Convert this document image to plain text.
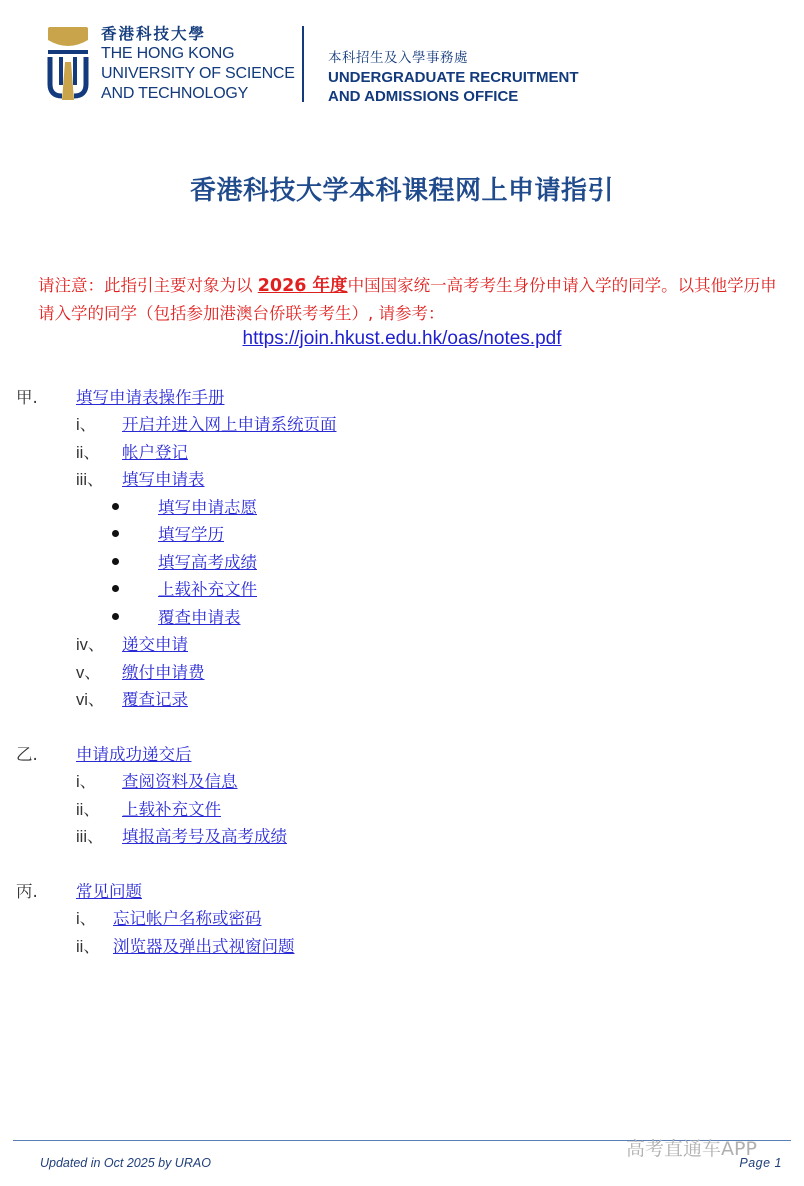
香港科技大學
THE HONG KONG
UNIVERSITY OF SCIENCE
AND TECHNOLOGY
本科招生及入學事務處
UNDERGRADUATE RECRUITMENT
AND ADMISSIONS OFFICE
香港科技大学本科课程网上申请指引
请注意：此指引主要对象为以 2026 年度中国国家统一高考考生身份申请入学的同学。以其他学历申请入学的同学（包括参加港澳台侨联考考生）, 请参考：
https://join.hkust.edu.hk/oas/notes.pdf
甲. 填写申请表操作手册
i、 开启并进入网上申请系统页面
ii、 帐户登记
iii、 填写申请表
填写申请志愿
填写学历
填写高考成绩
上载补充文件
覆查申请表
iv、 递交申请
v、 缴付申请费
vi、 覆查记录
乙. 申请成功递交后
i、 查阅资料及信息
ii、 上载补充文件
iii、 填报高考号及高考成绩
丙. 常见问题
i、 忘记帐户名称或密码
ii、 浏览器及弹出式视窗问题
高考直通车APP
Updated in Oct 2025 by URAO	Page 1
